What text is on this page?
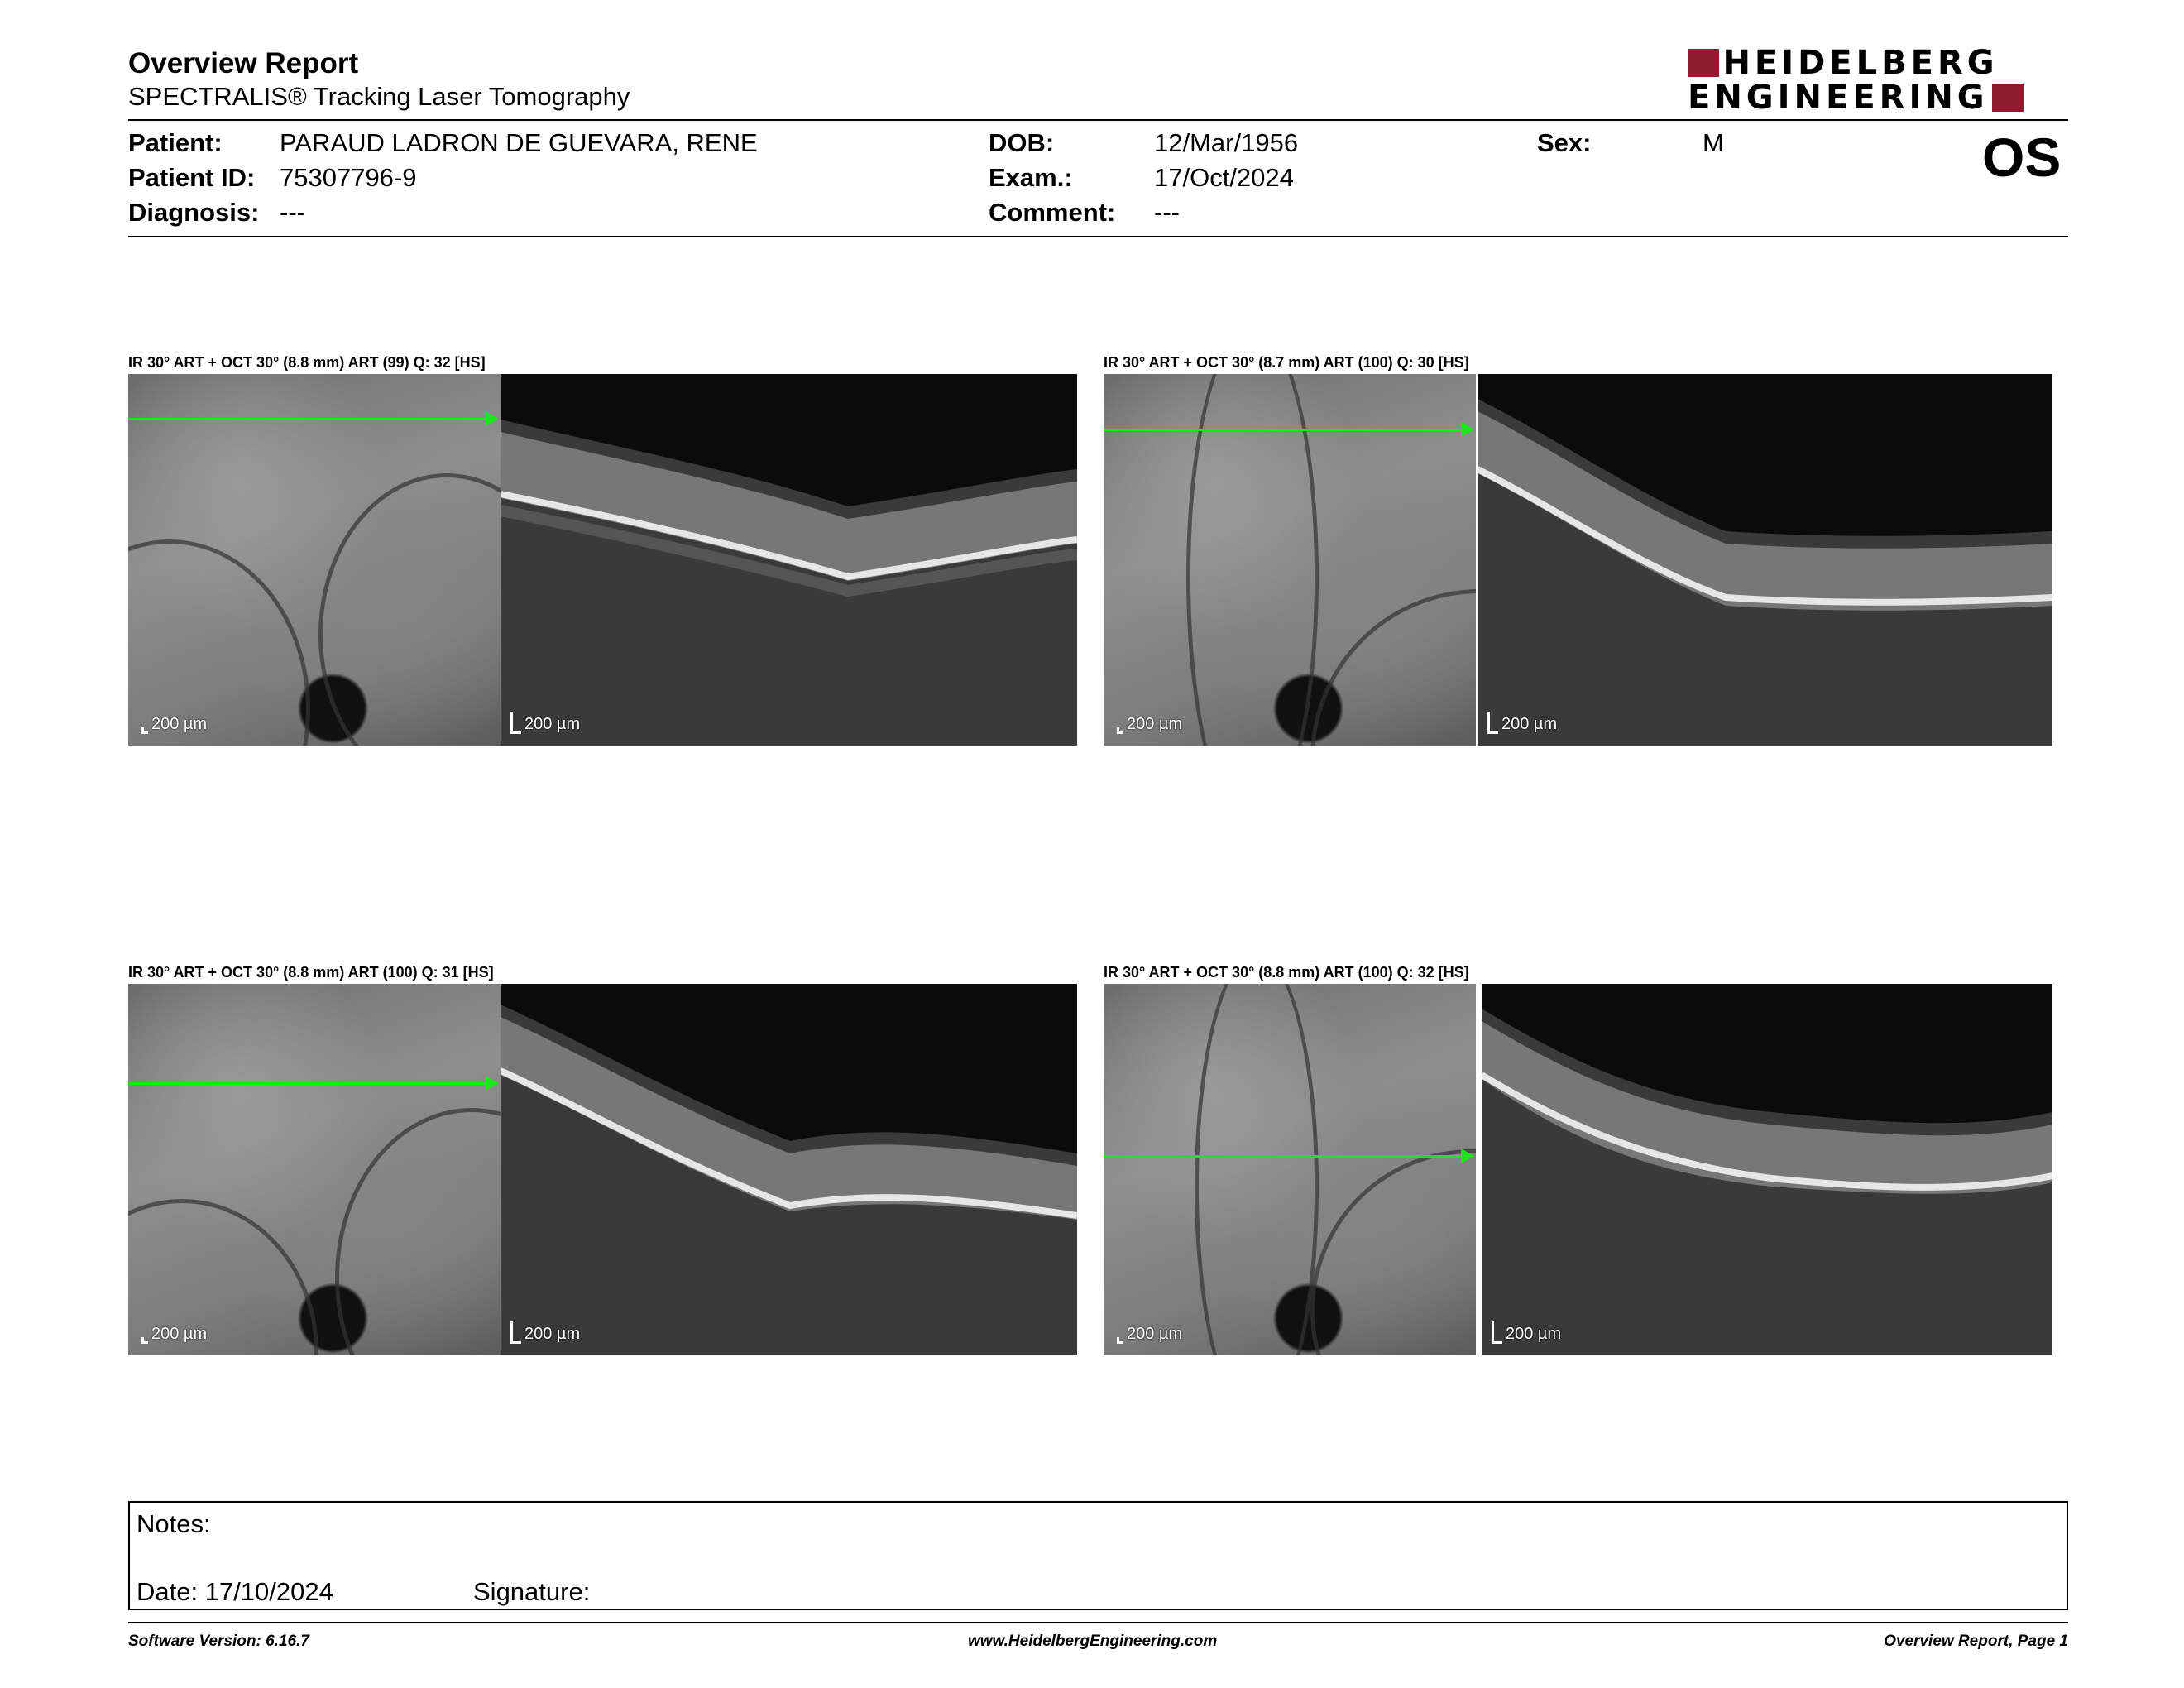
Overview Report
SPECTRALIS® Tracking Laser Tomography
HEIDELBERG
ENGINEERING
Patient: PARAUD LADRON DE GUEVARA, RENE
Patient ID: 75307796-9
Diagnosis: ---
DOB:	12/Mar/1956
Exam.:	17/Oct/2024
Comment: ---
Sex:	M	OS
IR 30° ART + OCT 30° (8.8 mm) ART (99) Q: 32 [HS]
200 µm	200 µm
IR 30° ART + OCT 30° (8.7 mm) ART (100) Q: 30 [HS]
200 µm	200 µm
IR 30° ART + OCT 30° (8.8 mm) ART (100) Q: 31 [HS]
200 µm	200 µm
IR 30° ART + OCT 30° (8.8 mm) ART (100) Q: 32 [HS]
200 µm	200 µm
Notes:
Date: 17/10/2024	Signature:
Software Version: 6.16.7	www.HeidelbergEngineering.com	Overview Report, Page 1
